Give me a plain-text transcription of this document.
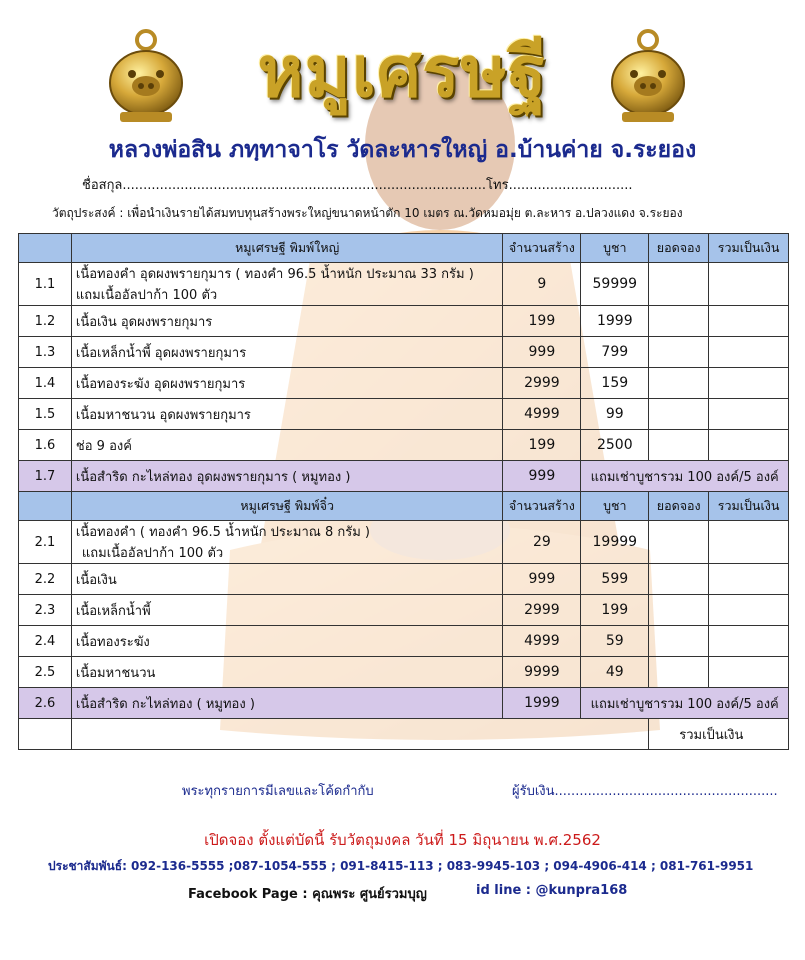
หมูเศรษฐี
หลวงพ่อสิน ภทฺทาจาโร วัดละหารใหญ่ อ.บ้านค่าย จ.ระยอง
ชื่อสกุล........................................................................................โทร..............................
วัตถุประสงค์ : เพื่อนำเงินรายได้สมทบทุนสร้างพระใหญ่ขนาดหน้าตัก 10 เมตร ณ.วัดหมอมุ่ย ต.ละหาร อ.ปลวงแดง จ.ระยอง
	หมูเศรษฐี พิมพ์ใหญ่	จำนวนสร้าง	บูชา	ยอดจอง	รวมเป็นเงิน
1.1	เนื้อทองคำ อุดผงพรายกุมาร ( ทองคำ 96.5 น้ำหนัก ประมาณ 33 กรัม )
แถมเนื้ออัลปาก้า 100 ตัว	9	59999		
1.2	เนื้อเงิน อุดผงพรายกุมาร	199	1999		
1.3	เนื้อเหล็กน้ำพี้ อุดผงพรายกุมาร	999	799		
1.4	เนื้อทองระฆัง อุดผงพรายกุมาร	2999	159		
1.5	เนื้อมหาชนวน อุดผงพรายกุมาร	4999	99		
1.6	ช่อ 9 องค์	199	2500		
1.7	เนื้อสำริด กะไหล่ทอง อุดผงพรายกุมาร ( หมูทอง )	999	แถมเช่าบูชารวม 100 องค์/5 องค์		
	หมูเศรษฐี พิมพ์จิ๋ว	จำนวนสร้าง	บูชา	ยอดจอง	รวมเป็นเงิน
2.1	เนื้อทองคำ ( ทองคำ 96.5 น้ำหนัก ประมาณ 8 กรัม )
แถมเนื้ออัลปาก้า 100 ตัว	29	19999		
2.2	เนื้อเงิน	999	599		
2.3	เนื้อเหล็กน้ำพี้	2999	199		
2.4	เนื้อทองระฆัง	4999	59		
2.5	เนื้อมหาชนวน	9999	49		
2.6	เนื้อสำริด กะไหล่ทอง ( หมูทอง )	1999	แถมเช่าบูชารวม 100 องค์/5 องค์		

				รวมเป็นเงิน	
พระทุกรายการมีเลขและโค้ดกำกับ	ผู้รับเงิน......................................................
เปิดจอง ตั้งแต่บัดนี้ รับวัตถุมงคล วันที่ 15 มิถุนายน พ.ศ.2562
ประชาสัมพันธ์: 092-136-5555 ;087-1054-555 ; 091-8415-113 ; 083-9945-103 ; 094-4906-414 ; 081-761-9951
Facebook Page : คุณพระ ศูนย์รวมบุญ	id line : @kunpra168
